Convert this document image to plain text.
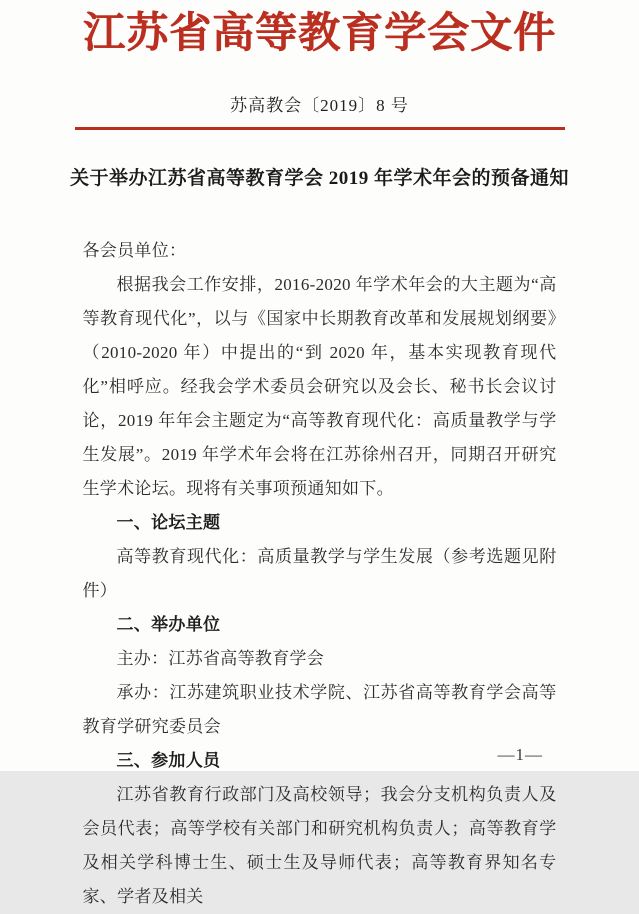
江苏省高等教育学会文件
苏高教会〔2019〕8 号
关于举办江苏省高等教育学会 2019 年学术年会的预备通知

各会员单位：

根据我会工作安排，2016-2020 年学术年会的大主题为“高等教育现代化”，以与《国家中长期教育改革和发展规划纲要》（2010-2020 年）中提出的“到 2020 年，基本实现教育现代化”相呼应。经我会学术委员会研究以及会长、秘书长会议讨论，2019 年年会主题定为“高等教育现代化：高质量教学与学生发展”。2019 年学术年会将在江苏徐州召开，同期召开研究生学术论坛。现将有关事项预通知如下。

一、论坛主题

高等教育现代化：高质量教学与学生发展（参考选题见附件）

二、举办单位

主办：江苏省高等教育学会

承办：江苏建筑职业技术学院、江苏省高等教育学会高等教育学研究委员会

三、参加人员

江苏省教育行政部门及高校领导；我会分支机构负责人及会员代表；高等学校有关部门和研究机构负责人；高等教育学及相关学科博士生、硕士生及导师代表；高等教育界知名专家、学者及相关

—1—
